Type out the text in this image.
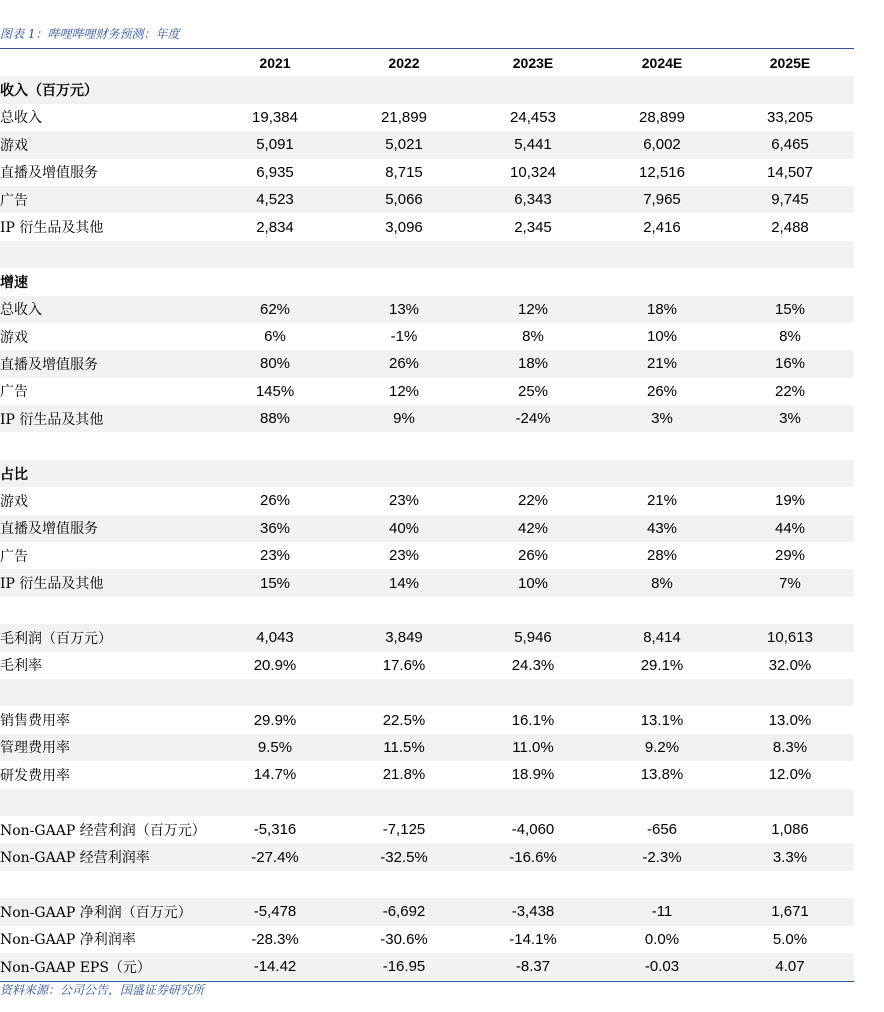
图表 1：哔哩哔哩财务预测：年度
2021	2022	2023E	2024E	2025E
收入（百万元）
总收入	19,384	21,899	24,453	28,899	33,205
游戏	5,091	5,021	5,441	6,002	6,465
直播及增值服务	6,935	8,715	10,324	12,516	14,507
广告	4,523	5,066	6,343	7,965	9,745
IP 衍生品及其他	2,834	3,096	2,345	2,416	2,488
增速
总收入	62%	13%	12%	18%	15%
游戏	6%	-1%	8%	10%	8%
直播及增值服务	80%	26%	18%	21%	16%
广告	145%	12%	25%	26%	22%
IP 衍生品及其他	88%	9%	-24%	3%	3%
占比
游戏	26%	23%	22%	21%	19%
直播及增值服务	36%	40%	42%	43%	44%
广告	23%	23%	26%	28%	29%
IP 衍生品及其他	15%	14%	10%	8%	7%
毛利润（百万元）	4,043	3,849	5,946	8,414	10,613
毛利率	20.9%	17.6%	24.3%	29.1%	32.0%
销售费用率	29.9%	22.5%	16.1%	13.1%	13.0%
管理费用率	9.5%	11.5%	11.0%	9.2%	8.3%
研发费用率	14.7%	21.8%	18.9%	13.8%	12.0%
Non-GAAP 经营利润（百万元）	-5,316	-7,125	-4,060	-656	1,086
Non-GAAP 经营利润率	-27.4%	-32.5%	-16.6%	-2.3%	3.3%
Non-GAAP 净利润（百万元）	-5,478	-6,692	-3,438	-11	1,671
Non-GAAP 净利润率	-28.3%	-30.6%	-14.1%	0.0%	5.0%
Non-GAAP EPS（元）	-14.42	-16.95	-8.37	-0.03	4.07
资料来源：公司公告，国盛证券研究所
